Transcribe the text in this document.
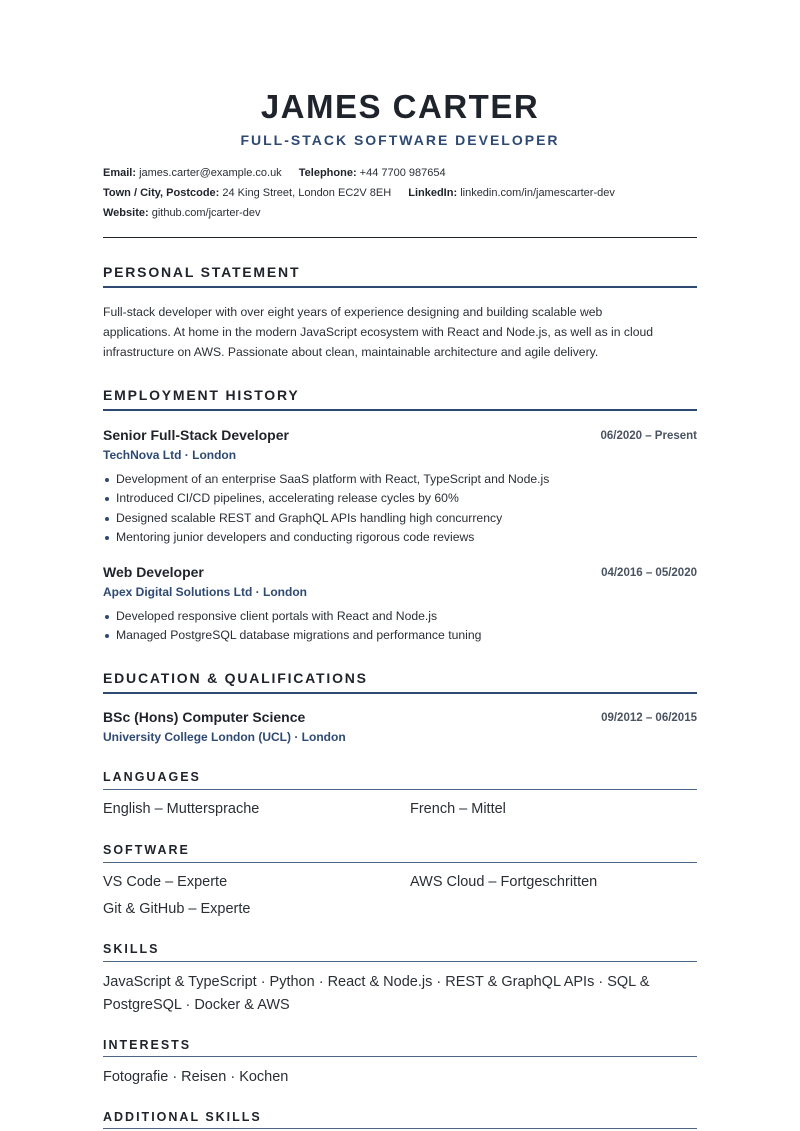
JAMES CARTER
FULL-STACK SOFTWARE DEVELOPER
Email: james.carter@example.co.uk Telephone: +44 7700 987654
Town / City, Postcode: 24 King Street, London EC2V 8EH LinkedIn: linkedin.com/in/jamescarter-dev
Website: github.com/jcarter-dev
PERSONAL STATEMENT
Full-stack developer with over eight years of experience designing and building scalable web
applications. At home in the modern JavaScript ecosystem with React and Node.js, as well as in cloud
infrastructure on AWS. Passionate about clean, maintainable architecture and agile delivery.
EMPLOYMENT HISTORY
Senior Full-Stack Developer	06/2020 – Present
TechNova Ltd · London
Development of an enterprise SaaS platform with React, TypeScript and Node.js
Introduced CI/CD pipelines, accelerating release cycles by 60%
Designed scalable REST and GraphQL APIs handling high concurrency
Mentoring junior developers and conducting rigorous code reviews
Web Developer	04/2016 – 05/2020
Apex Digital Solutions Ltd · London
Developed responsive client portals with React and Node.js
Managed PostgreSQL database migrations and performance tuning
EDUCATION & QUALIFICATIONS
BSc (Hons) Computer Science	09/2012 – 06/2015
University College London (UCL) · London
LANGUAGES
English – Muttersprache	French – Mittel
SOFTWARE
VS Code – Experte	AWS Cloud – Fortgeschritten
Git & GitHub – Experte
SKILLS
JavaScript & TypeScript · Python · React & Node.js · REST & GraphQL APIs · SQL &
PostgreSQL · Docker & AWS
INTERESTS
Fotografie · Reisen · Kochen
ADDITIONAL SKILLS
